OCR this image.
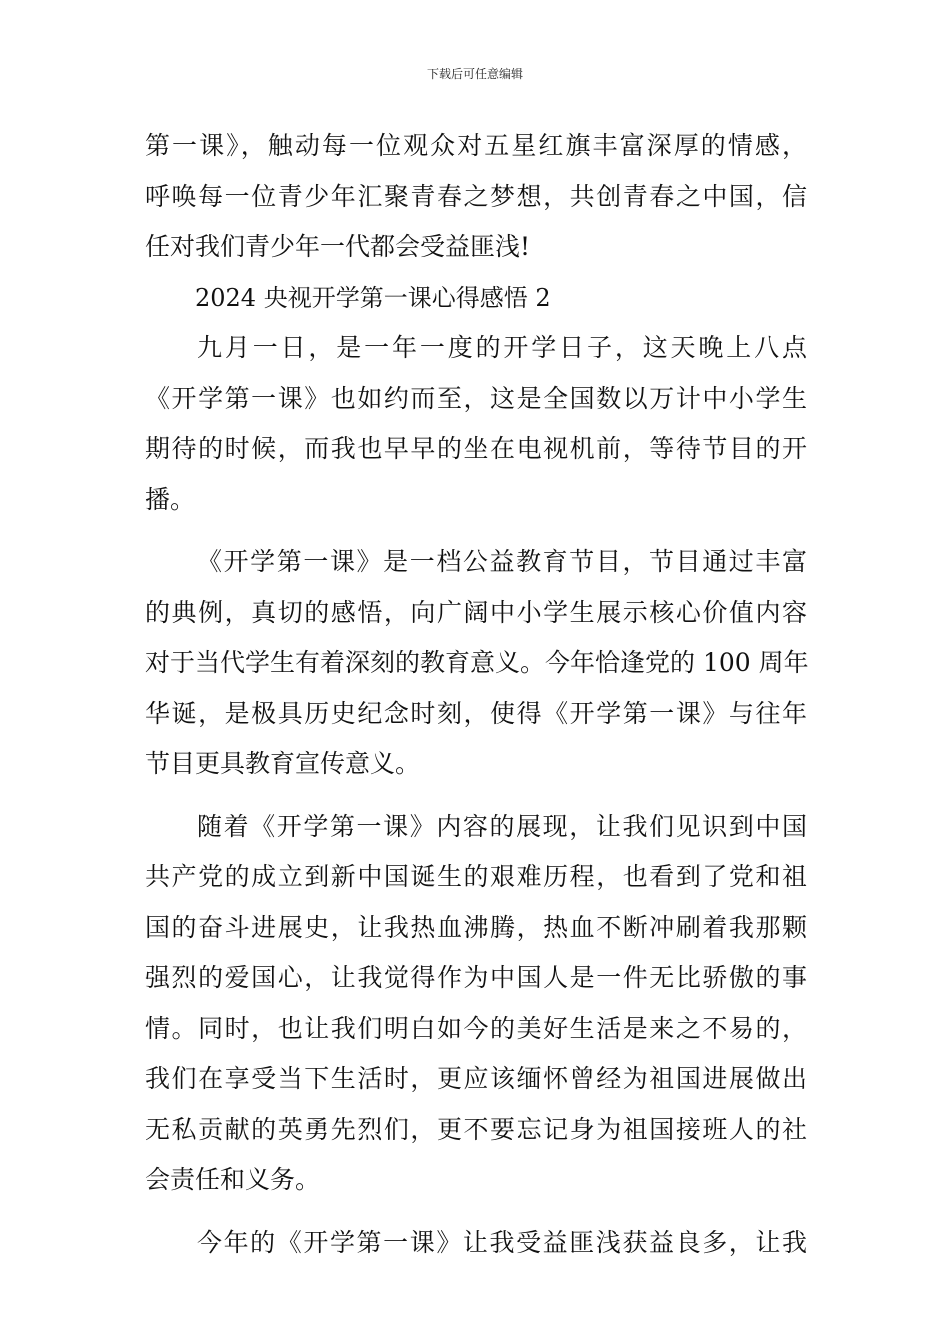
下载后可任意编辑
第一课》，触动每一位观众对五星红旗丰富深厚的情感，
呼唤每一位青少年汇聚青春之梦想，共创青春之中国，信
任对我们青少年一代都会受益匪浅!
2024 央视开学第一课心得感悟 2
九月一日，是一年一度的开学日子，这天晚上八点
《开学第一课》也如约而至，这是全国数以万计中小学生
期待的时候，而我也早早的坐在电视机前，等待节目的开
播。
《开学第一课》是一档公益教育节目，节目通过丰富
的典例，真切的感悟，向广阔中小学生展示核心价值内容
对于当代学生有着深刻的教育意义。今年恰逢党的 100 周年
华诞，是极具历史纪念时刻，使得《开学第一课》与往年
节目更具教育宣传意义。
随着《开学第一课》内容的展现，让我们见识到中国
共产党的成立到新中国诞生的艰难历程，也看到了党和祖
国的奋斗进展史，让我热血沸腾，热血不断冲刷着我那颗
强烈的爱国心，让我觉得作为中国人是一件无比骄傲的事
情。同时，也让我们明白如今的美好生活是来之不易的，
我们在享受当下生活时，更应该缅怀曾经为祖国进展做出
无私贡献的英勇先烈们，更不要忘记身为祖国接班人的社
会责任和义务。
今年的《开学第一课》让我受益匪浅获益良多，让我
